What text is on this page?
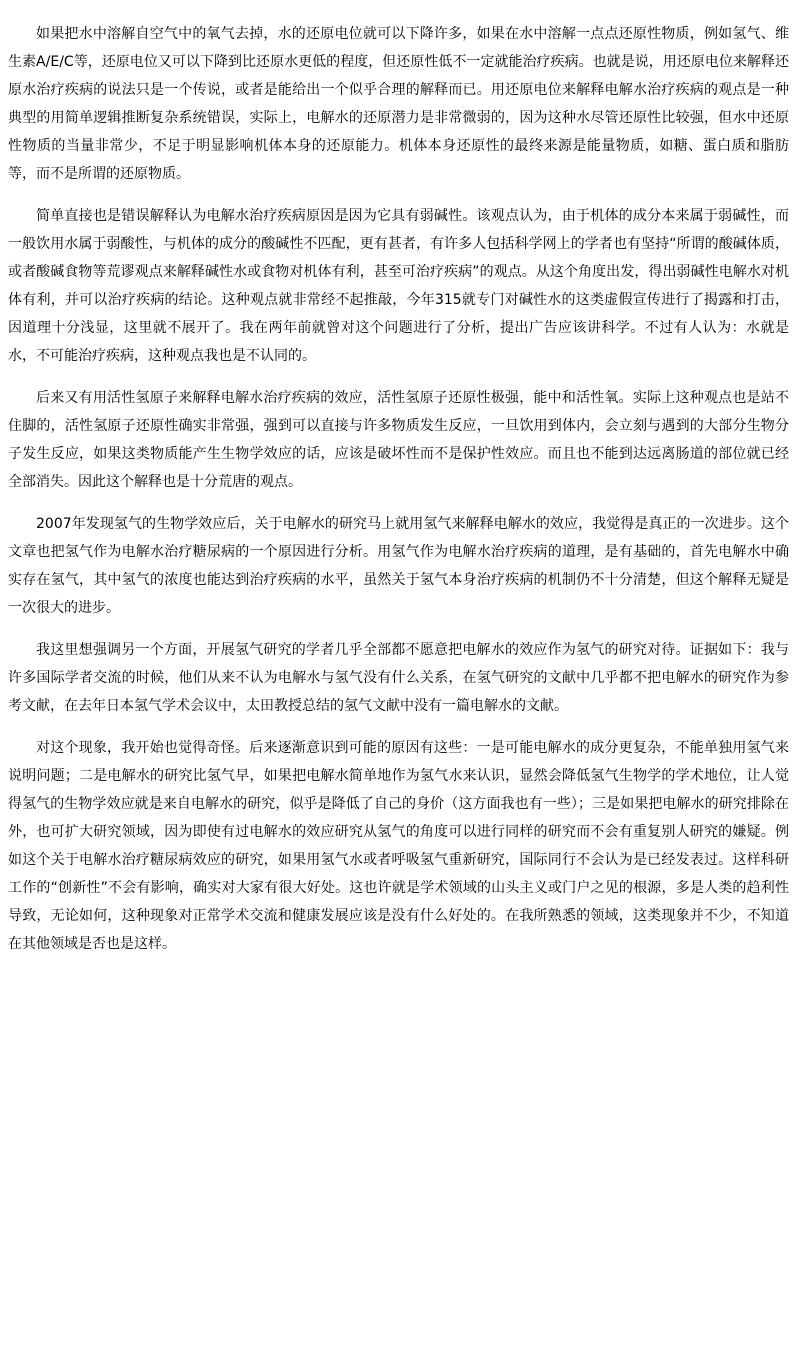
如果把水中溶解自空气中的氧气去掉，水的还原电位就可以下降许多，如果在水中溶解一点点还原性物质，例如氢气、维生素A/E/C等，还原电位又可以下降到比还原水更低的程度，但还原性低不一定就能治疗疾病。也就是说，用还原电位来解释还原水治疗疾病的说法只是一个传说，或者是能给出一个似乎合理的解释而已。用还原电位来解释电解水治疗疾病的观点是一种典型的用简单逻辑推断复杂系统错误，实际上，电解水的还原潜力是非常微弱的，因为这种水尽管还原性比较强，但水中还原性物质的当量非常少，不足于明显影响机体本身的还原能力。机体本身还原性的最终来源是能量物质，如糖、蛋白质和脂肪等，而不是所谓的还原物质。

简单直接也是错误解释认为电解水治疗疾病原因是因为它具有弱碱性。该观点认为，由于机体的成分本来属于弱碱性，而一般饮用水属于弱酸性，与机体的成分的酸碱性不匹配，更有甚者，有许多人包括科学网上的学者也有坚持“所谓的酸碱体质，或者酸碱食物等荒谬观点来解释碱性水或食物对机体有利，甚至可治疗疾病”的观点。从这个角度出发，得出弱碱性电解水对机体有利，并可以治疗疾病的结论。这种观点就非常经不起推敲，今年315就专门对碱性水的这类虚假宣传进行了揭露和打击，因道理十分浅显，这里就不展开了。我在两年前就曾对这个问题进行了分析，提出广告应该讲科学。不过有人认为：水就是水，不可能治疗疾病，这种观点我也是不认同的。

后来又有用活性氢原子来解释电解水治疗疾病的效应，活性氢原子还原性极强，能中和活性氧。实际上这种观点也是站不住脚的，活性氢原子还原性确实非常强，强到可以直接与许多物质发生反应，一旦饮用到体内，会立刻与遇到的大部分生物分子发生反应，如果这类物质能产生生物学效应的话，应该是破坏性而不是保护性效应。而且也不能到达远离肠道的部位就已经全部消失。因此这个解释也是十分荒唐的观点。

2007年发现氢气的生物学效应后，关于电解水的研究马上就用氢气来解释电解水的效应，我觉得是真正的一次进步。这个文章也把氢气作为电解水治疗糖尿病的一个原因进行分析。用氢气作为电解水治疗疾病的道理，是有基础的，首先电解水中确实存在氢气，其中氢气的浓度也能达到治疗疾病的水平，虽然关于氢气本身治疗疾病的机制仍不十分清楚，但这个解释无疑是一次很大的进步。

我这里想强调另一个方面，开展氢气研究的学者几乎全部都不愿意把电解水的效应作为氢气的研究对待。证据如下：我与许多国际学者交流的时候，他们从来不认为电解水与氢气没有什么关系，在氢气研究的文献中几乎都不把电解水的研究作为参考文献，在去年日本氢气学术会议中，太田教授总结的氢气文献中没有一篇电解水的文献。

对这个现象，我开始也觉得奇怪。后来逐渐意识到可能的原因有这些：一是可能电解水的成分更复杂，不能单独用氢气来说明问题；二是电解水的研究比氢气早，如果把电解水简单地作为氢气水来认识，显然会降低氢气生物学的学术地位，让人觉得氢气的生物学效应就是来自电解水的研究，似乎是降低了自己的身价（这方面我也有一些）；三是如果把电解水的研究排除在外，也可扩大研究领域，因为即使有过电解水的效应研究从氢气的角度可以进行同样的研究而不会有重复别人研究的嫌疑。例如这个关于电解水治疗糖尿病效应的研究，如果用氢气水或者呼吸氢气重新研究，国际同行不会认为是已经发表过。这样科研工作的“创新性”不会有影响，确实对大家有很大好处。这也许就是学术领域的山头主义或门户之见的根源，多是人类的趋利性导致，无论如何，这种现象对正常学术交流和健康发展应该是没有什么好处的。在我所熟悉的领域，这类现象并不少，不知道在其他领域是否也是这样。
